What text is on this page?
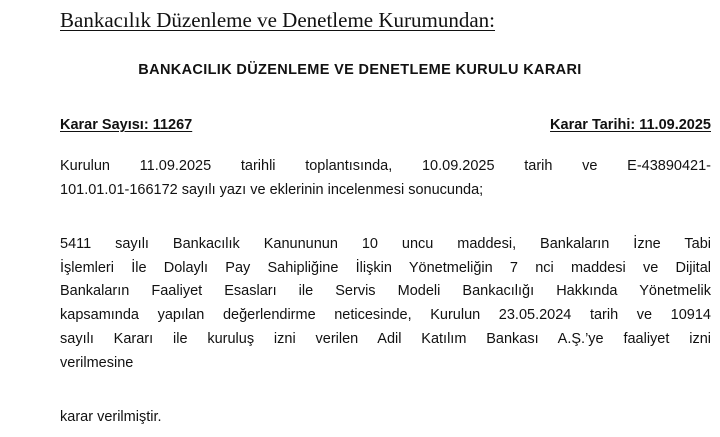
Bankacılık Düzenleme ve Denetleme Kurumundan:
BANKACILIK DÜZENLEME VE DENETLEME KURULU KARARI
Karar Sayısı: 11267	Karar Tarihi: 11.09.2025
Kurulun 11.09.2025 tarihli toplantısında, 10.09.2025 tarih ve E-43890421-
101.01.01-166172 sayılı yazı ve eklerinin incelenmesi sonucunda;
5411 sayılı Bankacılık Kanununun 10 uncu maddesi, Bankaların İzne Tabi
İşlemleri İle Dolaylı Pay Sahipliğine İlişkin Yönetmeliğin 7 nci maddesi ve Dijital
Bankaların Faaliyet Esasları ile Servis Modeli Bankacılığı Hakkında Yönetmelik
kapsamında yapılan değerlendirme neticesinde, Kurulun 23.05.2024 tarih ve 10914
sayılı Kararı ile kuruluş izni verilen Adil Katılım Bankası A.Ş.’ye faaliyet izni
verilmesine
karar verilmiştir.
